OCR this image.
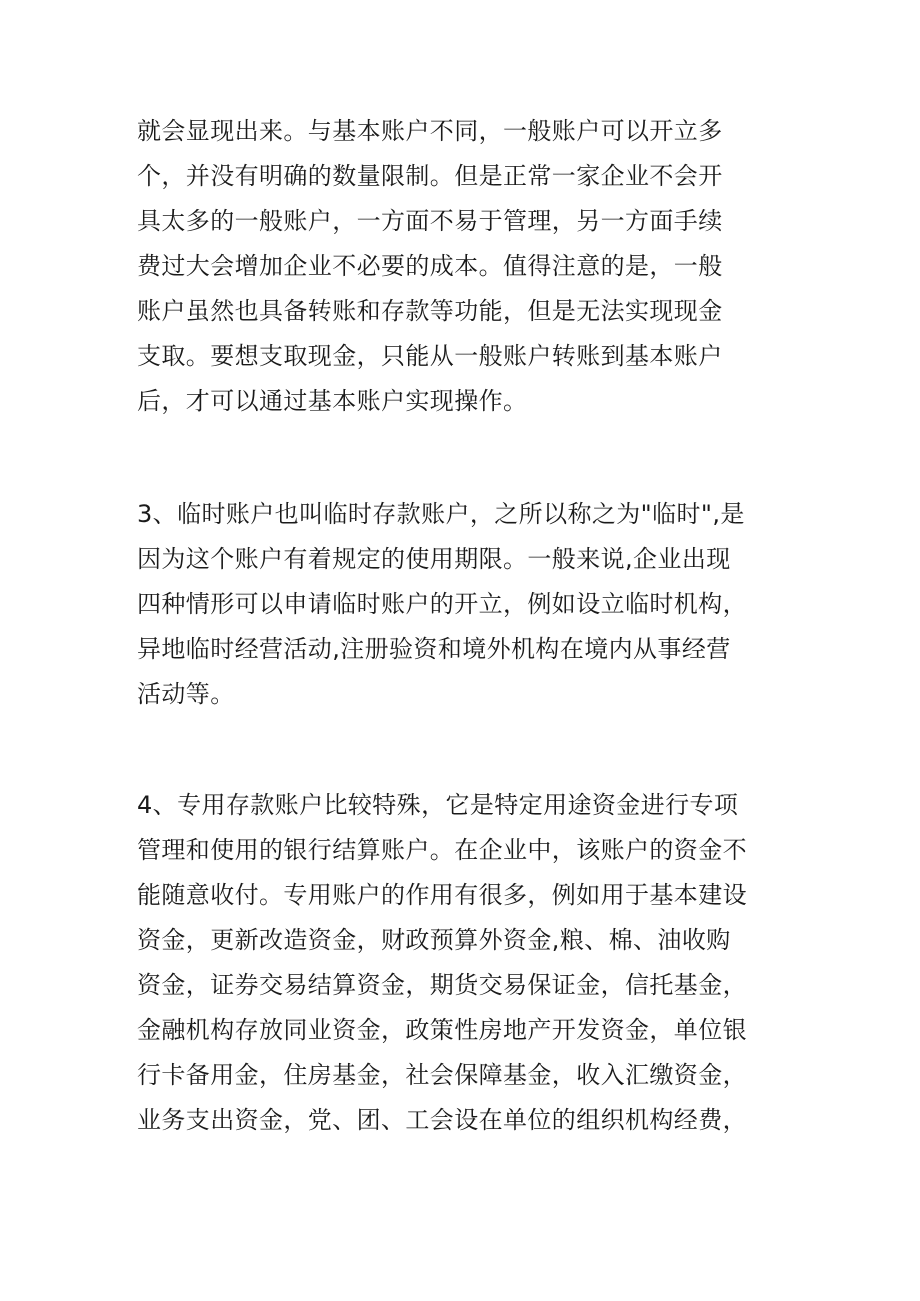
就会显现出来。与基本账户不同，一般账户可以开立多
个，并没有明确的数量限制。但是正常一家企业不会开
具太多的一般账户，一方面不易于管理，另一方面手续
费过大会增加企业不必要的成本。值得注意的是，一般
账户虽然也具备转账和存款等功能，但是无法实现现金
支取。要想支取现金，只能从一般账户转账到基本账户
后，才可以通过基本账户实现操作。
3、临时账户也叫临时存款账户，之所以称之为"临时",是
因为这个账户有着规定的使用期限。一般来说,企业出现
四种情形可以申请临时账户的开立，例如设立临时机构，
异地临时经营活动,注册验资和境外机构在境内从事经营
活动等。
4、专用存款账户比较特殊，它是特定用途资金进行专项
管理和使用的银行结算账户。在企业中，该账户的资金不
能随意收付。专用账户的作用有很多，例如用于基本建设
资金，更新改造资金，财政预算外资金,粮、棉、油收购
资金，证券交易结算资金，期货交易保证金，信托基金，
金融机构存放同业资金，政策性房地产开发资金，单位银
行卡备用金，住房基金，社会保障基金，收入汇缴资金，
业务支出资金，党、团、工会设在单位的组织机构经费，
